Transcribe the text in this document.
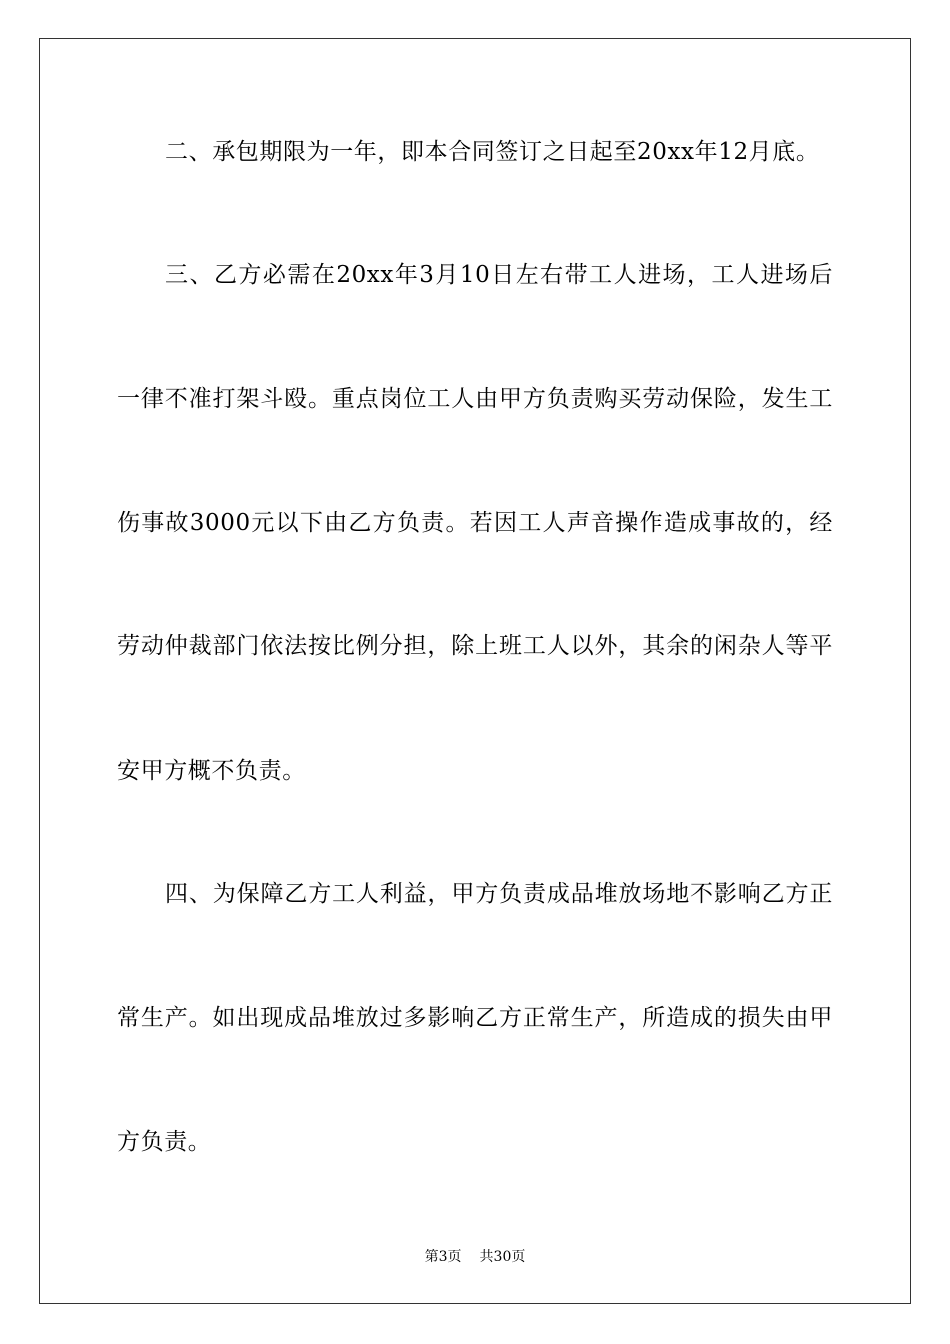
二、承包期限为一年，即本合同签订之日起至20xx年12月底。
三、乙方必需在20xx年3月10日左右带工人进场，工人进场后
一律不准打架斗殴。重点岗位工人由甲方负责购买劳动保险，发生工
伤事故3000元以下由乙方负责。若因工人声音操作造成事故的，经
劳动仲裁部门依法按比例分担，除上班工人以外，其余的闲杂人等平
安甲方概不负责。
四、为保障乙方工人利益，甲方负责成品堆放场地不影响乙方正
常生产。如出现成品堆放过多影响乙方正常生产，所造成的损失由甲
方负责。
第3页 共30页
